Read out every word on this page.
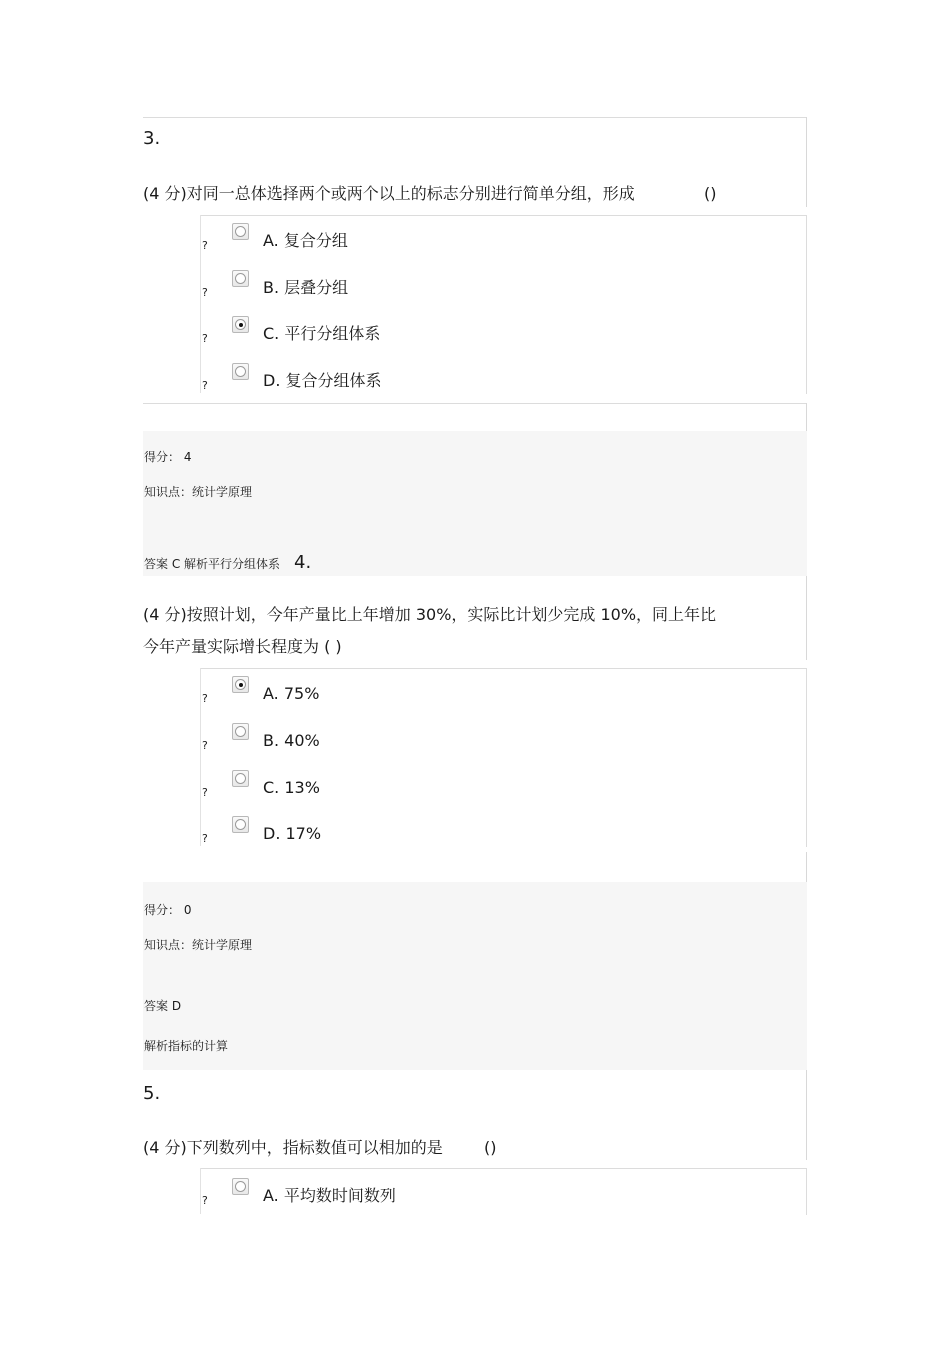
3.
(4 分)对同一总体选择两个或两个以上的标志分别进行简单分组，形成	()
?	A. 复合分组
?	B. 层叠分组
?	C. 平行分组体系
?	D. 复合分组体系
得分： 4
知识点：统计学原理
答案 C 解析平行分组体系 4.
(4 分)按照计划，今年产量比上年增加 30%，实际比计划少完成 10%，同上年比
今年产量实际增长程度为 ( )
?	A. 75%
?	B. 40%
?	C. 13%
?	D. 17%
得分： 0
知识点：统计学原理
答案 D
解析指标的计算
5.
(4 分)下列数列中，指标数值可以相加的是	()
?	A. 平均数时间数列
